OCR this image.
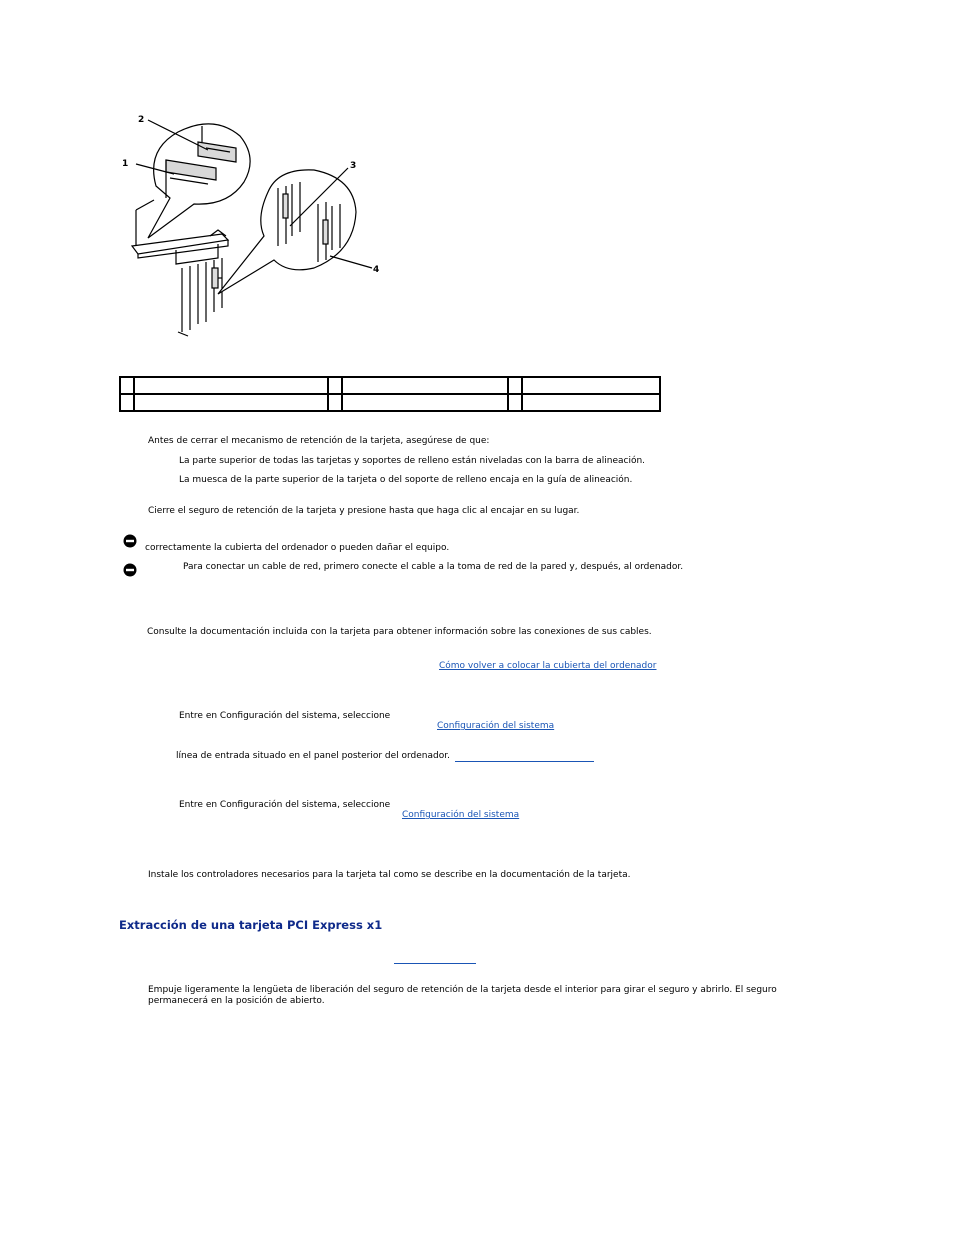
1
2
3
4

Antes de cerrar el mecanismo de retención de la tarjeta, asegúrese de que:
La parte superior de todas las tarjetas y soportes de relleno están niveladas con la barra de alineación.
La muesca de la parte superior de la tarjeta o del soporte de relleno encaja en la guía de alineación.
Cierre el seguro de retención de la tarjeta y presione hasta que haga clic al encajar en su lugar.
correctamente la cubierta del ordenador o pueden dañar el equipo.
Para conectar un cable de red, primero conecte el cable a la toma de red de la pared y, después, al ordenador.
Consulte la documentación incluida con la tarjeta para obtener información sobre las conexiones de sus cables.
Cómo volver a colocar la cubierta del ordenador
Entre en Configuración del sistema, seleccione
Configuración del sistema
línea de entrada situado en el panel posterior del ordenador.
Entre en Configuración del sistema, seleccione
Configuración del sistema
Instale los controladores necesarios para la tarjeta tal como se describe en la documentación de la tarjeta.
Extracción de una tarjeta PCI Express x1
Empuje ligeramente la lengüeta de liberación del seguro de retención de la tarjeta desde el interior para girar el seguro y abrirlo. El seguro
permanecerá en la posición de abierto.
